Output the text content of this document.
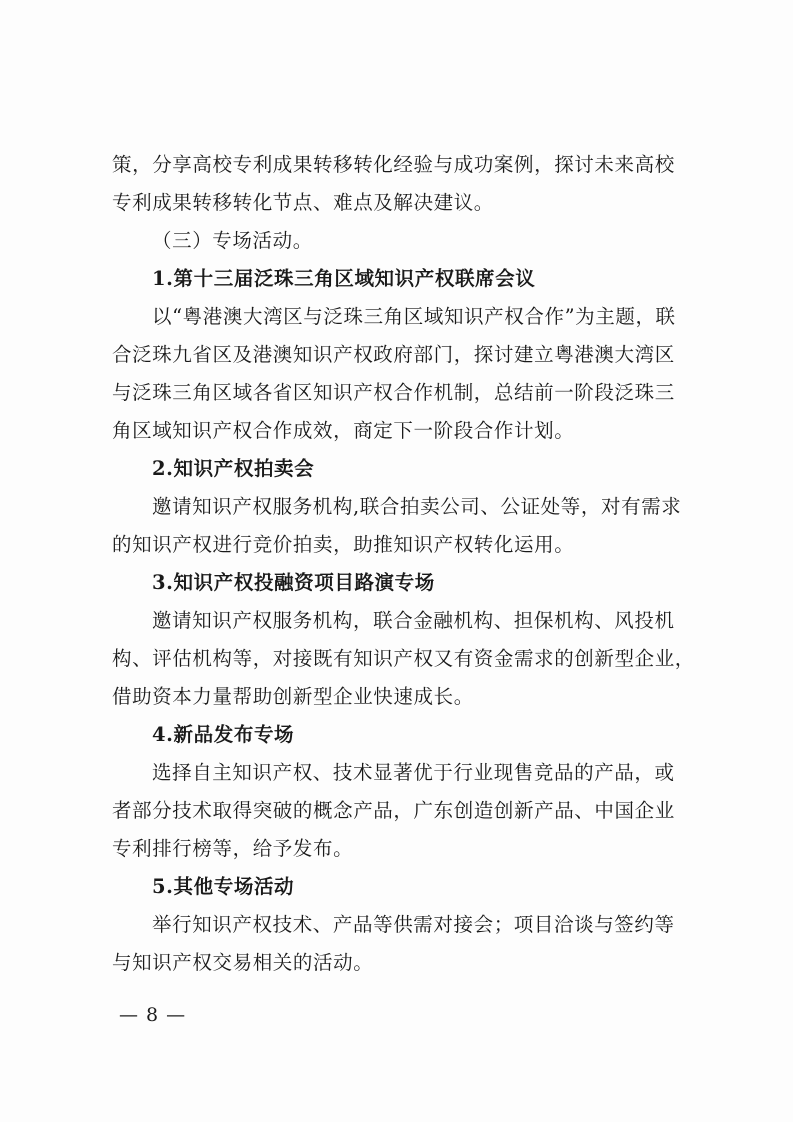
策，分享高校专利成果转移转化经验与成功案例，探讨未来高校
专利成果转移转化节点、难点及解决建议。
（三）专场活动。
1.第十三届泛珠三角区域知识产权联席会议
以“粤港澳大湾区与泛珠三角区域知识产权合作”为主题，联
合泛珠九省区及港澳知识产权政府部门，探讨建立粤港澳大湾区
与泛珠三角区域各省区知识产权合作机制，总结前一阶段泛珠三
角区域知识产权合作成效，商定下一阶段合作计划。
2.知识产权拍卖会
邀请知识产权服务机构,联合拍卖公司、公证处等，对有需求
的知识产权进行竞价拍卖，助推知识产权转化运用。
3.知识产权投融资项目路演专场
邀请知识产权服务机构，联合金融机构、担保机构、风投机
构、评估机构等，对接既有知识产权又有资金需求的创新型企业，
借助资本力量帮助创新型企业快速成长。
4.新品发布专场
选择自主知识产权、技术显著优于行业现售竞品的产品，或
者部分技术取得突破的概念产品，广东创造创新产品、中国企业
专利排行榜等，给予发布。
5.其他专场活动
举行知识产权技术、产品等供需对接会；项目洽谈与签约等
与知识产权交易相关的活动。
— 8 —
